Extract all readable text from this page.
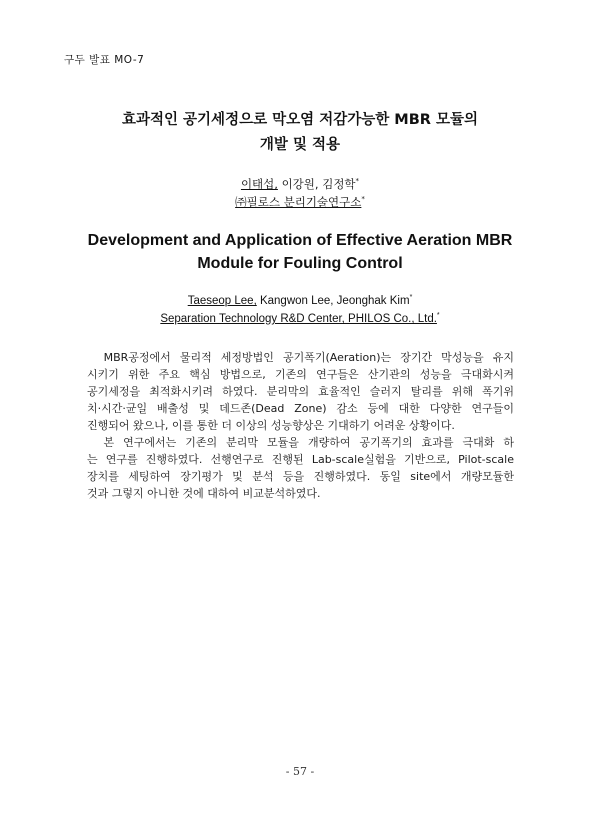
구두 발표 MO-7
효과적인 공기세정으로 막오염 저감가능한 MBR 모듈의
개발 및 적용
이태섭, 이강원, 김정학*
㈜필로스 분리기술연구소*
Development and Application of Effective Aeration MBR
Module for Fouling Control
Taeseop Lee, Kangwon Lee, Jeonghak Kim*
Separation Technology R&D Center, PHILOS Co., Ltd.*
　MBR공정에서 물리적 세정방법인 공기폭기(Aeration)는 장기간 막성능을 유지
시키기 위한 주요 핵심 방법으로, 기존의 연구들은 산기관의 성능을 극대화시켜
공기세정을 최적화시키려 하였다. 분리막의 효율적인 슬러지 탈리를 위해 폭기위
치·시간·균일 배출성 및 데드존(Dead Zone) 감소 등에 대한 다양한 연구들이
진행되어 왔으나, 이를 통한 더 이상의 성능향상은 기대하기 어려운 상황이다.
　본 연구에서는 기존의 분리막 모듈을 개량하여 공기폭기의 효과를 극대화 하
는 연구를 진행하였다. 선행연구로 진행된 Lab-scale실험을 기반으로, Pilot-scale
장치를 세팅하여 장기평가 및 분석 등을 진행하였다. 동일 site에서 개량모듈한
것과 그렇지 아니한 것에 대하여 비교분석하였다.
- 57 -
